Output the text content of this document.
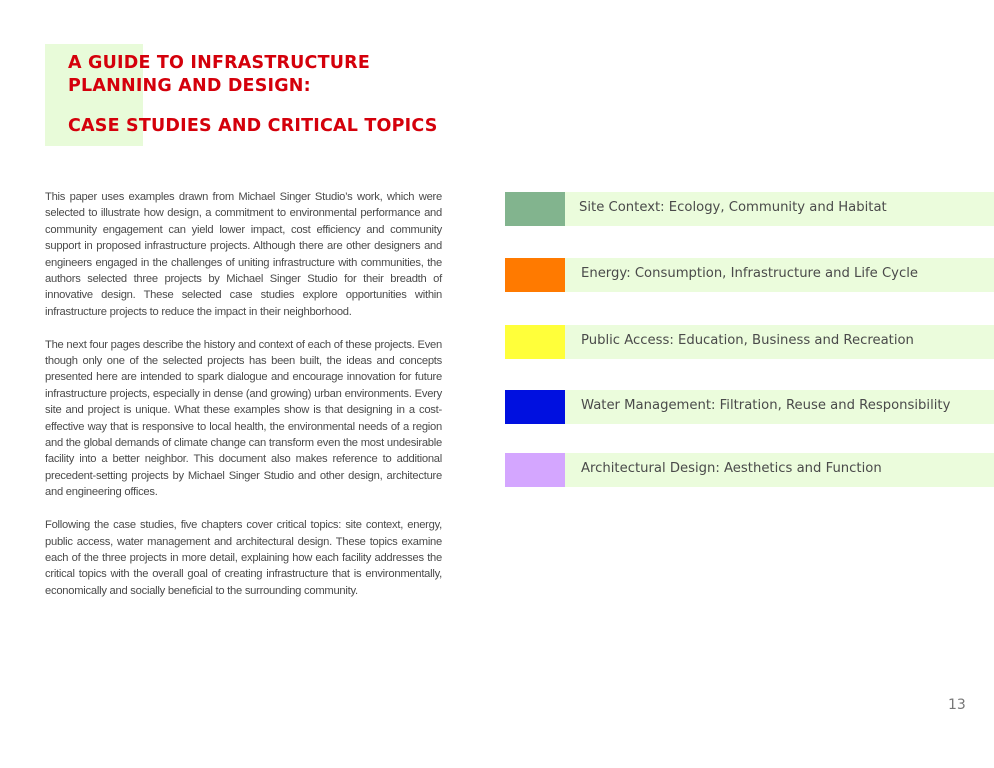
A GUIDE TO INFRASTRUCTURE
PLANNING AND DESIGN:
CASE STUDIES AND CRITICAL TOPICS

This paper uses examples drawn from Michael Singer Studio’s work, which were selected to illustrate how design, a commitment to environmental performance and community engagement can yield lower impact, cost efficiency and community support in proposed infrastructure projects. Although there are other designers and engineers engaged in the challenges of uniting infrastructure with communities, the authors selected three projects by Michael Singer Studio for their breadth of innovative design. These selected case studies explore opportunities within infrastructure projects to reduce the impact in their neighborhood.

The next four pages describe the history and context of each of these projects. Even though only one of the selected projects has been built, the ideas and concepts presented here are intended to spark dialogue and encourage innovation for future infrastructure projects, especially in dense (and growing) urban environments. Every site and project is unique. What these examples show is that designing in a cost-effective way that is responsive to local health, the environmental needs of a region and the global demands of climate change can transform even the most undesirable facility into a better neighbor. This document also makes reference to additional precedent-setting projects by Michael Singer Studio and other design, architecture and engineering offices.

Following the case studies, five chapters cover critical topics: site context, energy, public access, water management and architectural design. These topics examine each of the three projects in more detail, explaining how each facility addresses the critical topics with the overall goal of creating infrastructure that is environmentally, economically and socially beneficial to the surrounding community.

Site Context: Ecology, Community and Habitat
Energy: Consumption, Infrastructure and Life Cycle
Public Access: Education, Business and Recreation
Water Management: Filtration, Reuse and Responsibility
Architectural Design: Aesthetics and Function
13
